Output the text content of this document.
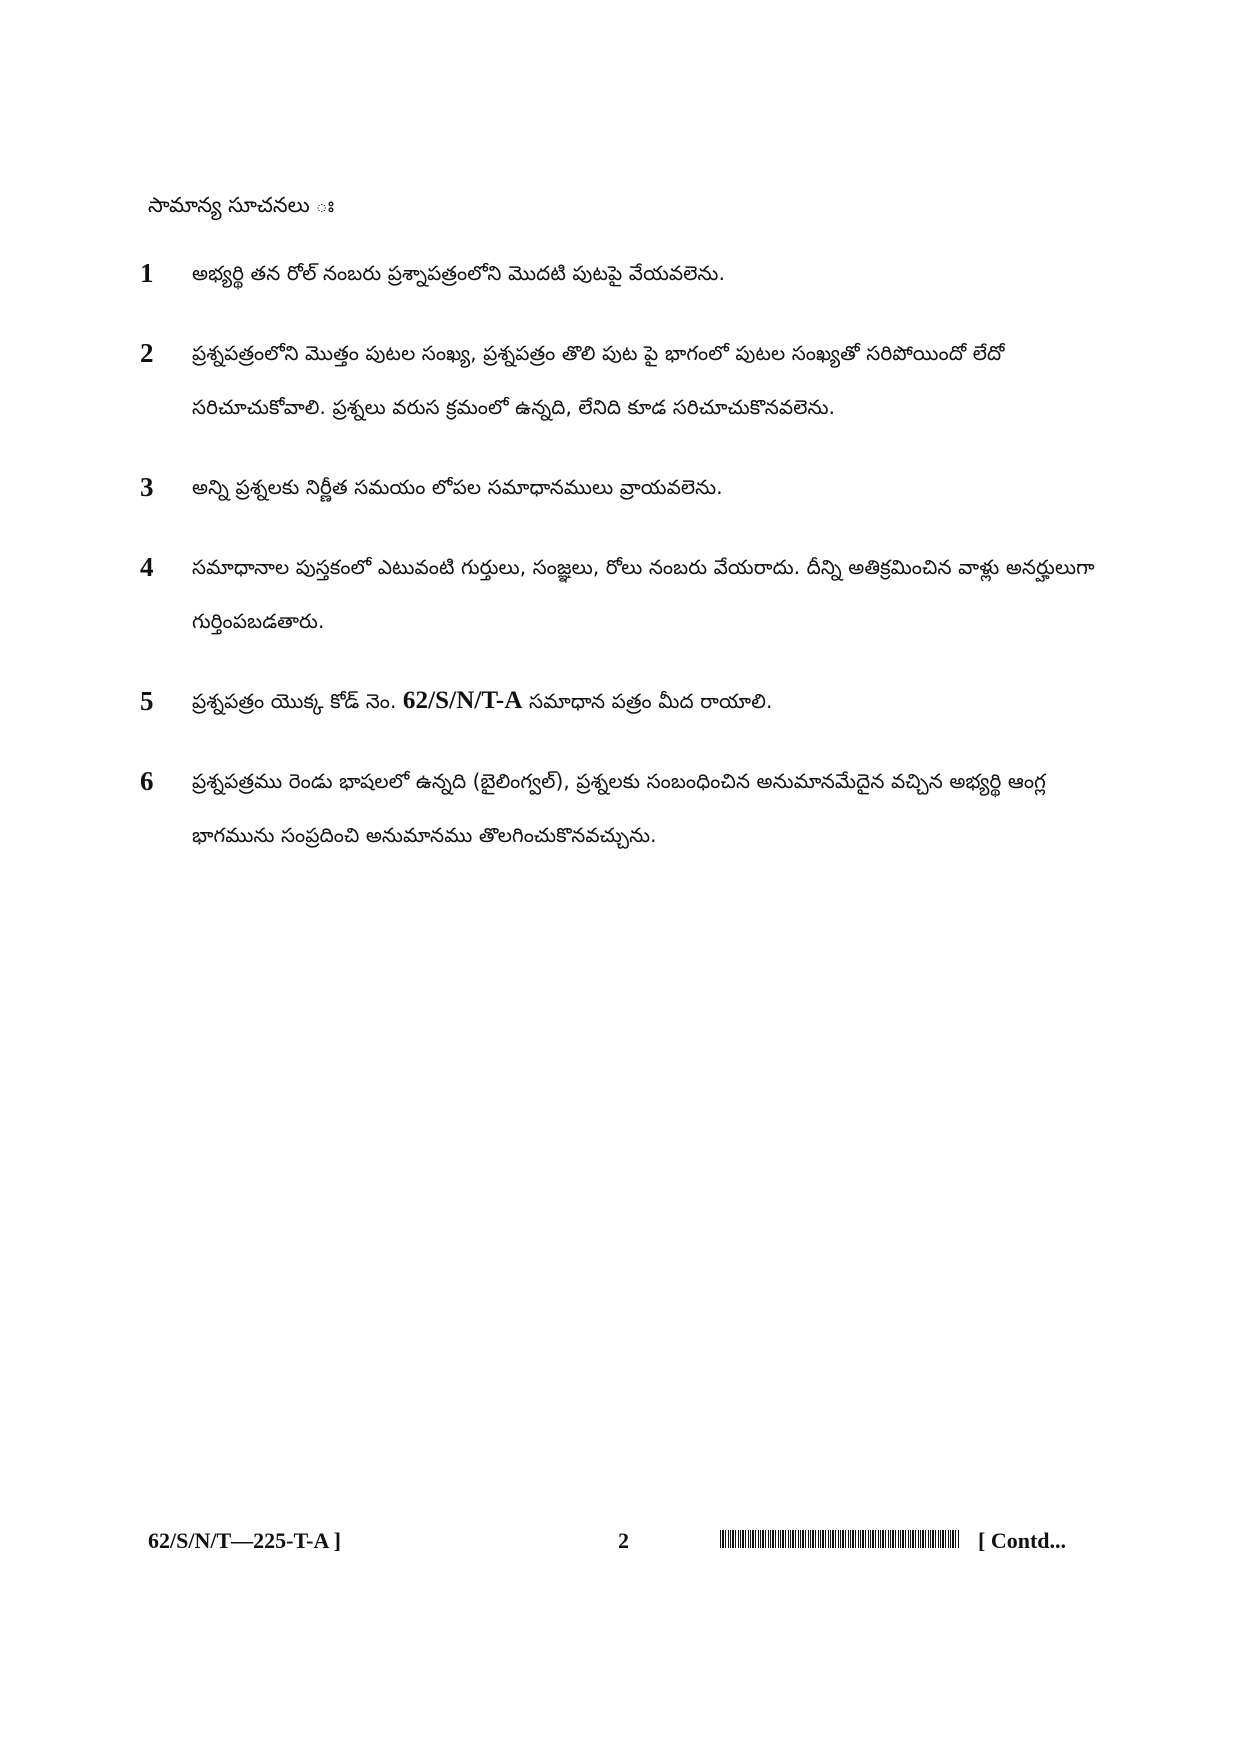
సామాన్య సూచనలు ః
1	అభ్యర్థి తన రోల్ నంబరు ప్రశ్నాపత్రంలోని మొదటి పుటపై వేయవలెను.
2	ప్రశ్నపత్రంలోని మొత్తం పుటల సంఖ్య, ప్రశ్నపత్రం తొలి పుట పై భాగంలో పుటల సంఖ్యతో సరిపోయిందో లేదో సరిచూచుకోవాలి. ప్రశ్నలు వరుస క్రమంలో ఉన్నది, లేనిది కూడ సరిచూచుకొనవలెను.
3	అన్ని ప్రశ్నలకు నిర్ణీత సమయం లోపల సమాధానములు వ్రాయవలెను.
4	సమాధానాల పుస్తకంలో ఎటువంటి గుర్తులు, సంజ్ఞలు, రోలు నంబరు వేయరాదు. దీన్ని అతిక్రమించిన వాళ్లు అనర్హులుగా గుర్తింపబడతారు.
5	ప్రశ్నపత్రం యొక్క కోడ్ నెం. 62/S/N/T-A సమాధాన పత్రం మీద రాయాలి.
6	ప్రశ్నపత్రము రెండు భాషలలో ఉన్నది (బైలింగ్వల్), ప్రశ్నలకు సంబంధించిన అనుమానమేదైన వచ్చిన అభ్యర్థి ఆంగ్ల భాగమును సంప్రదించి అనుమానము తొలగించుకొనవచ్చును.
62/S/N/T—225-T-A ]	2	[ Contd...
